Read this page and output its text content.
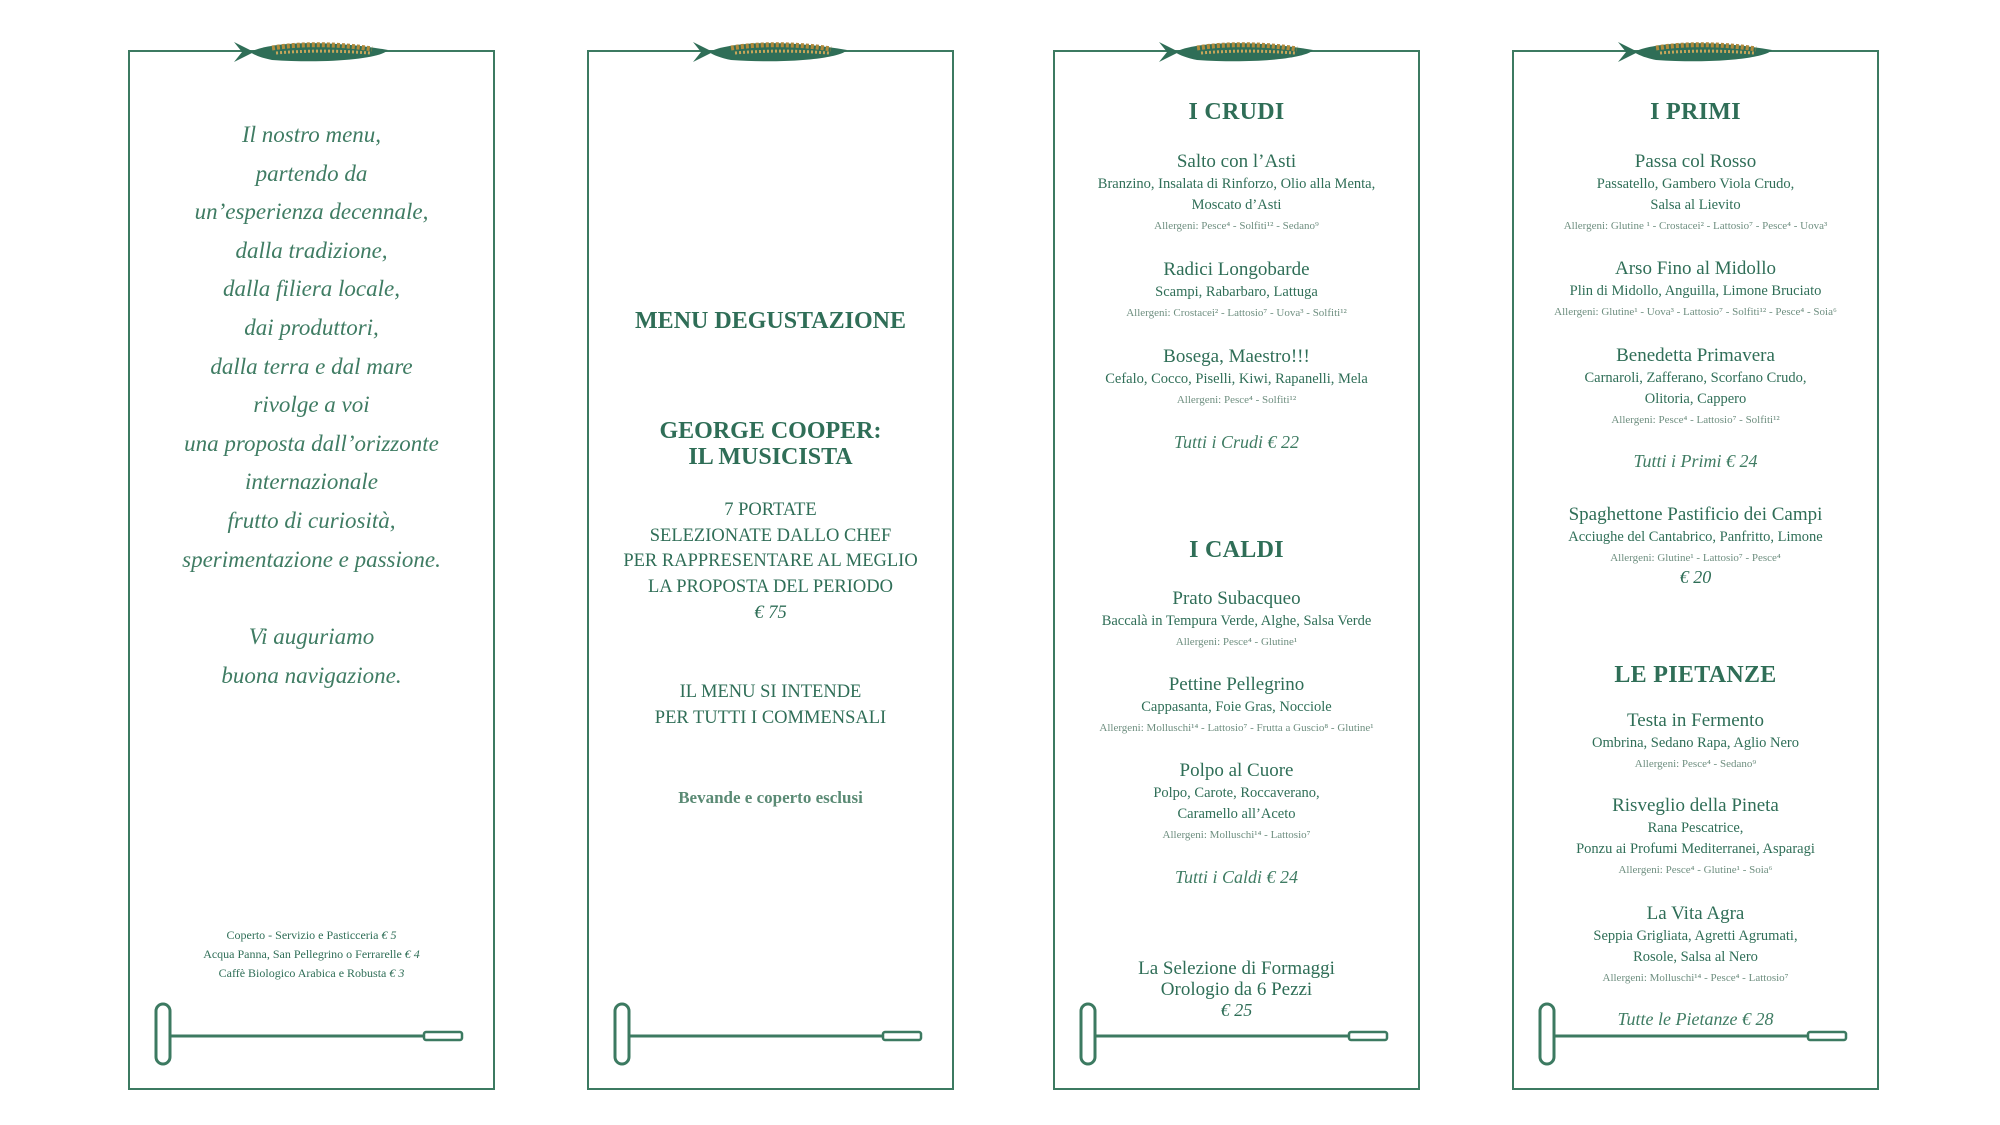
Il nostro menu,
partendo da
un’esperienza decennale,
dalla tradizione,
dalla filiera locale,
dai produttori,
dalla terra e dal mare
rivolge a voi
una proposta dall’orizzonte
internazionale
frutto di curiosità,
sperimentazione e passione.
Vi auguriamo
buona navigazione.
Coperto - Servizio e Pasticceria € 5
Acqua Panna, San Pellegrino o Ferrarelle € 4
Caffè Biologico Arabica e Robusta € 3
MENU DEGUSTAZIONE
GEORGE COOPER:
IL MUSICISTA
7 PORTATE
SELEZIONATE DALLO CHEF
PER RAPPRESENTARE AL MEGLIO
LA PROPOSTA DEL PERIODO
€ 75
IL MENU SI INTENDE
PER TUTTI I COMMENSALI
Bevande e coperto esclusi
I CRUDI
Salto con l’Asti
Branzino, Insalata di Rinforzo, Olio alla Menta,
Moscato d’Asti
Allergeni: Pesce⁴ - Solfiti¹² - Sedano⁹
Radici Longobarde
Scampi, Rabarbaro, Lattuga
Allergeni: Crostacei² - Lattosio⁷ - Uova³ - Solfiti¹²
Bosega, Maestro!!!
Cefalo, Cocco, Piselli, Kiwi, Rapanelli, Mela
Allergeni: Pesce⁴ - Solfiti¹²
Tutti i Crudi € 22
I CALDI
Prato Subacqueo
Baccalà in Tempura Verde, Alghe, Salsa Verde
Allergeni: Pesce⁴ - Glutine¹
Pettine Pellegrino
Cappasanta, Foie Gras, Nocciole
Allergeni: Molluschi¹⁴ - Lattosio⁷ - Frutta a Guscio⁸ - Glutine¹
Polpo al Cuore
Polpo, Carote, Roccaverano,
Caramello all’Aceto
Allergeni: Molluschi¹⁴ - Lattosio⁷
Tutti i Caldi € 24
La Selezione di Formaggi
Orologio da 6 Pezzi
€ 25
I PRIMI
Passa col Rosso
Passatello, Gambero Viola Crudo,
Salsa al Lievito
Allergeni: Glutine ¹ - Crostacei² - Lattosio⁷ - Pesce⁴ - Uova³
Arso Fino al Midollo
Plin di Midollo, Anguilla, Limone Bruciato
Allergeni: Glutine¹ - Uova³ - Lattosio⁷ - Solfiti¹² - Pesce⁴ - Soia⁶
Benedetta Primavera
Carnaroli, Zafferano, Scorfano Crudo,
Olitoria, Cappero
Allergeni: Pesce⁴ - Lattosio⁷ - Solfiti¹²
Tutti i Primi € 24
Spaghettone Pastificio dei Campi
Acciughe del Cantabrico, Panfritto, Limone
Allergeni: Glutine¹ - Lattosio⁷ - Pesce⁴
€ 20
LE PIETANZE
Testa in Fermento
Ombrina, Sedano Rapa, Aglio Nero
Allergeni: Pesce⁴ - Sedano⁹
Risveglio della Pineta
Rana Pescatrice,
Ponzu ai Profumi Mediterranei, Asparagi
Allergeni: Pesce⁴ - Glutine¹ - Soia⁶
La Vita Agra
Seppia Grigliata, Agretti Agrumati,
Rosole, Salsa al Nero
Allergeni: Molluschi¹⁴ - Pesce⁴ - Lattosio⁷
Tutte le Pietanze € 28
